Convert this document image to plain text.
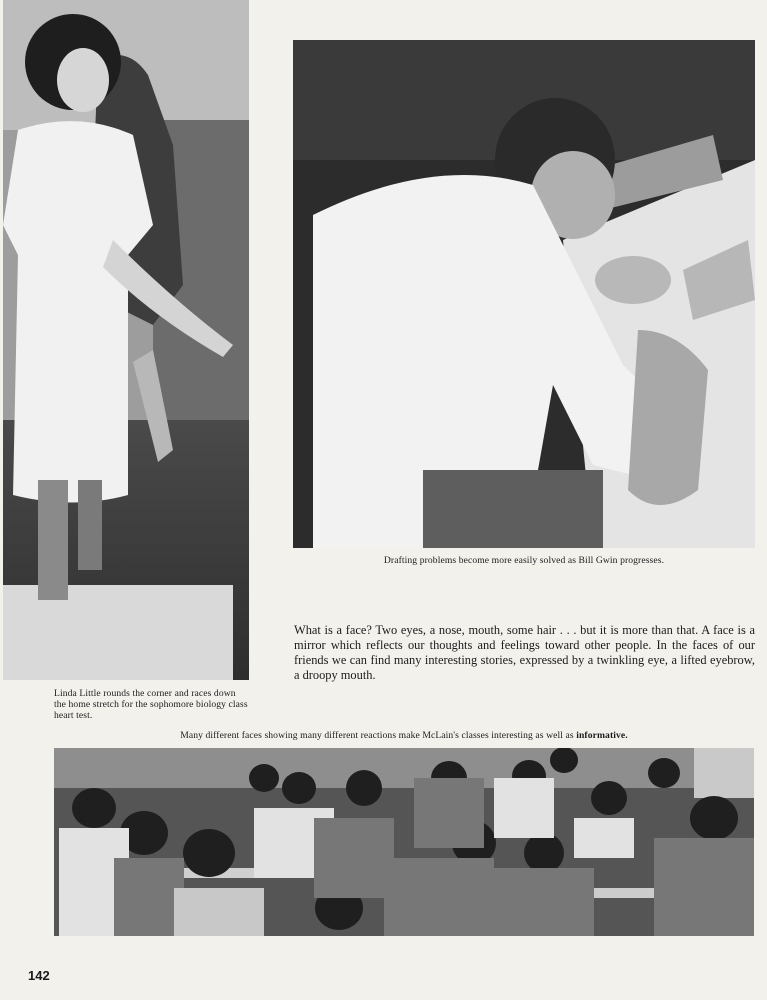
Drafting problems become more easily solved as Bill Gwin progresses.
What is a face? Two eyes, a nose, mouth, some hair . . . but it is more than that. A face is a mirror which reflects our thoughts and feelings toward other people. In the faces of our friends we can find many interesting stories, expressed by a twinkling eye, a lifted eyebrow, a droopy mouth.
Linda Little rounds the corner and races down the home stretch for the sophomore biology class heart test.
Many different faces showing many different reactions make McLain's classes interesting as well as informative.
142
